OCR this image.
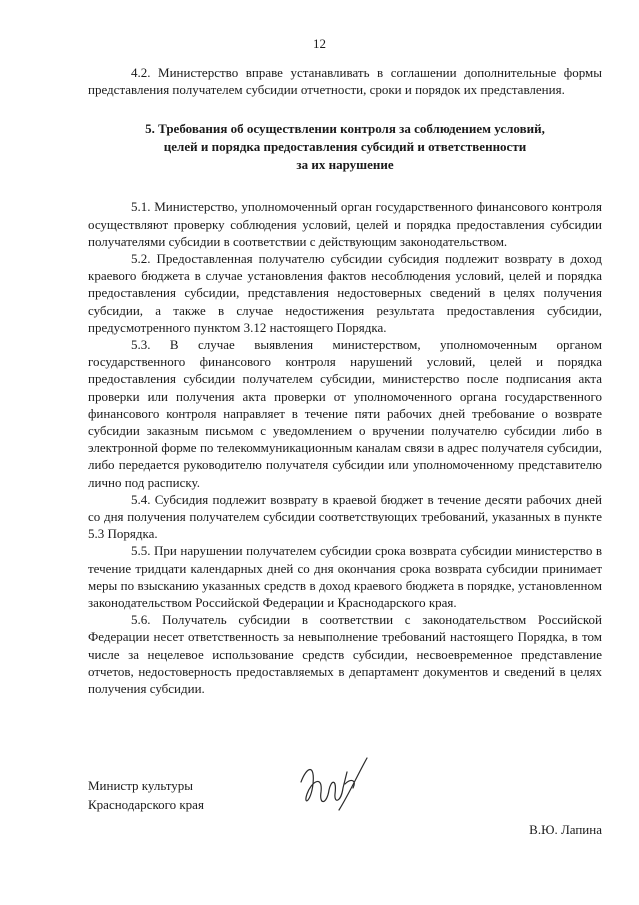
12

4.2. Министерство вправе устанавливать в соглашении дополнительные формы представления получателем субсидии отчетности, сроки и порядок их представления.

5. Требования об осуществлении контроля за соблюдением условий,
целей и порядка предоставления субсидий и ответственности
за их нарушение

5.1. Министерство, уполномоченный орган государственного финансового контроля осуществляют проверку соблюдения условий, целей и порядка предоставления субсидии получателями субсидии в соответствии с действующим законодательством.

5.2. Предоставленная получателю субсидии субсидия подлежит возврату в доход краевого бюджета в случае установления фактов несоблюдения условий, целей и порядка предоставления субсидии, представления недостоверных сведений в целях получения субсидии, а также в случае недостижения результата предоставления субсидии, предусмотренного пунктом 3.12 настоящего Порядка.

5.3. В случае выявления министерством, уполномоченным органом государственного финансового контроля нарушений условий, целей и порядка предоставления субсидии получателем субсидии, министерство после подписания акта проверки или получения акта проверки от уполномоченного органа государственного финансового контроля направляет в течение пяти рабочих дней требование о возврате субсидии заказным письмом с уведомлением о вручении получателю субсидии либо в электронной форме по телекоммуникационным каналам связи в адрес получателя субсидии, либо передается руководителю получателя субсидии или уполномоченному представителю лично под расписку.

5.4. Субсидия подлежит возврату в краевой бюджет в течение десяти рабочих дней со дня получения получателем субсидии соответствующих требований, указанных в пункте 5.3 Порядка.

5.5. При нарушении получателем субсидии срока возврата субсидии министерство в течение тридцати календарных дней со дня окончания срока возврата субсидии принимает меры по взысканию указанных средств в доход краевого бюджета в порядке, установленном законодательством Российской Федерации и Краснодарского края.

5.6. Получатель субсидии в соответствии с законодательством Российской Федерации несет ответственность за невыполнение требований настоящего Порядка, в том числе за нецелевое использование средств субсидии, несвоевременное представление отчетов, недостоверность предоставляемых в департамент документов и сведений в целях получения субсидии.

Министр культуры
Краснодарского края
В.Ю. Лапина
